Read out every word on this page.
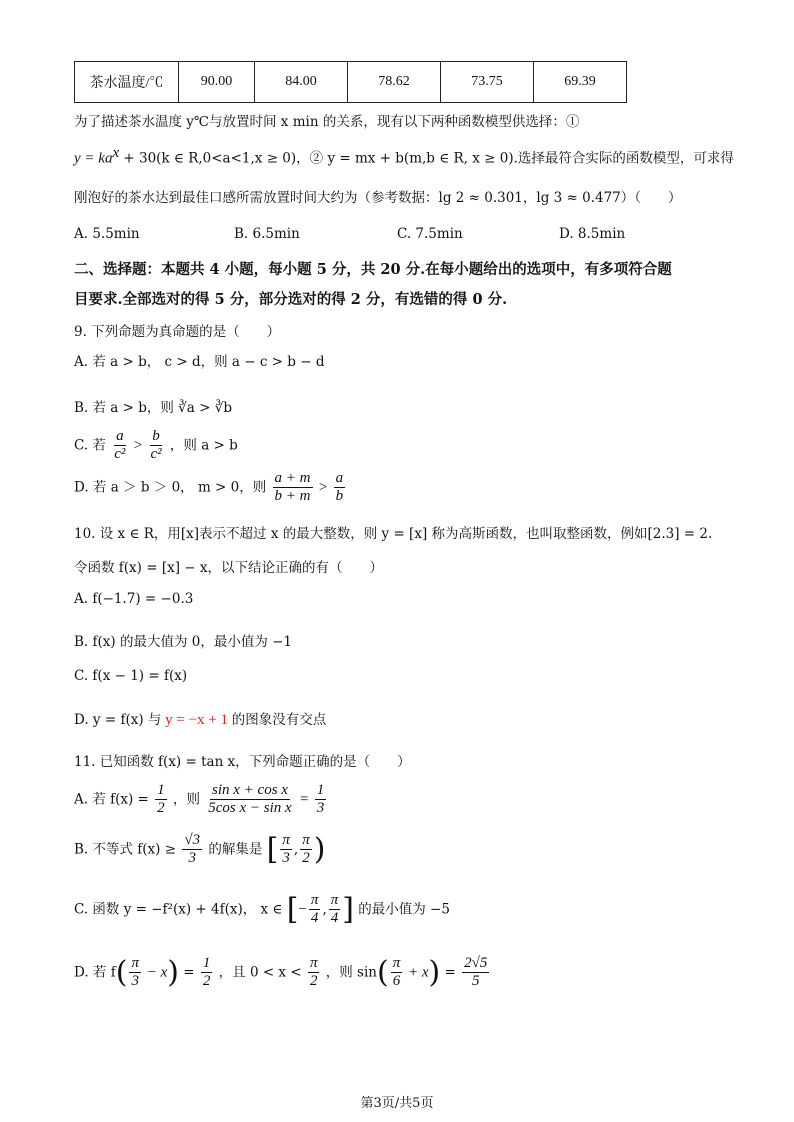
茶水温度/℃	90.00	84.00	78.62	73.75	69.39
为了描述茶水温度 y℃与放置时间 x min 的关系，现有以下两种函数模型供选择：①
$y = ka^x + 30(k$ ∈ R,0<a<1,x ≥ 0)，② y = mx + b(m,b ∈ R, x ≥ 0).选择最符合实际的函数模型，可求得
刚泡好的茶水达到最佳口感所需放置时间大约为（参考数据：lg 2 ≈ 0.301，lg 3 ≈ 0.477）（　　）
A. 5.5min	B. 6.5min	C. 7.5min	D. 8.5min
二、选择题：本题共 4 小题，每小题 5 分，共 20 分.在每小题给出的选项中，有多项符合题
目要求.全部选对的得 5 分，部分选对的得 2 分，有选错的得 0 分.
9. 下列命题为真命题的是（　　）
A. 若 a > b， c > d，则 a − c > b − d
B. 若 a > b，则 ∛a > ∛b
C. 若 $\frac{a}{\text{c²}} > \frac{b}{\text{c²}}$ ，则 a > b
D. 若 a ＞ b ＞ 0， m > 0，则 $\frac{a + m}{b + m} > \frac{a}{b}$
10. 设 x ∈ R，用[x]表示不超过 x 的最大整数，则 y = [x] 称为高斯函数，也叫取整函数，例如[2.3] = 2.
令函数 f(x) = [x] − x，以下结论正确的有（　　）
A. f(−1.7) = −0.3
B. f(x) 的最大值为 0，最小值为 −1
C. f(x − 1) = f(x)
D. y = f(x) 与 y = −x + 1 的图象没有交点
11. 已知函数 f(x) = tan x，下列命题正确的是（　　）
A. 若 $f(x) = \frac{1}{2}$ ，则 $\frac{\text{sin x + cos x}}{\text{5cos x − sin x}} = \frac{1}{3}$
B. 不等式 $f(x) \ge \frac{√3}{3}$ 的解集是 [ $\frac{\pi}{3}$ , $\frac{\pi}{2}$ )
C. 函数 y = −f²(x) + 4f(x)， x ∈ [− $\frac{\pi}{4}$ , $\frac{\pi}{4}$ ] 的最小值为 −5
D. 若 $f( \frac{\pi}{3} - x) = \frac{1}{2}$ ，且 $0 < x < \frac{\pi}{2}$ ，则 $\sin( \frac{\pi}{6} + x) = \frac{2√5}{5}$
第3页/共5页
